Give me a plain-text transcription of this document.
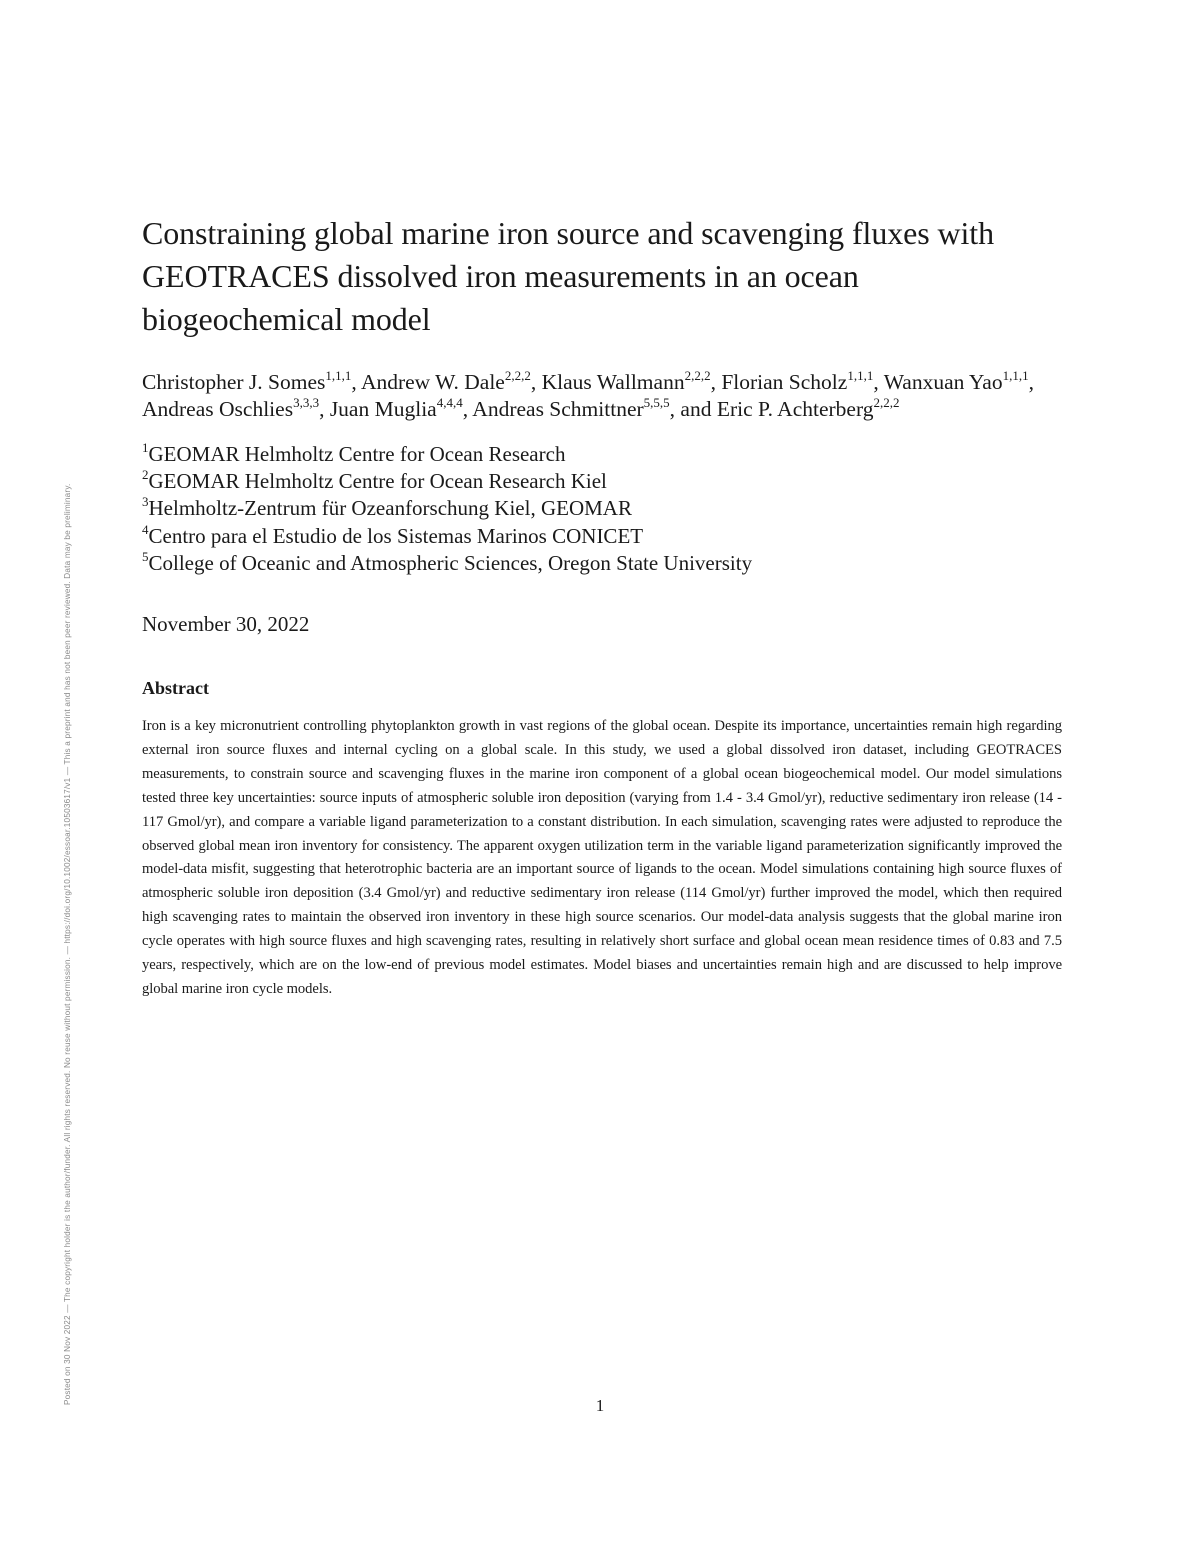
Posted on 30 Nov 2022 — The copyright holder is the author/funder. All rights reserved. No reuse without permission. — https://doi.org/10.1002/essoar.10503617/v1 — This a preprint and has not been peer reviewed. Data may be preliminary.
Constraining global marine iron source and scavenging fluxes with GEOTRACES dissolved iron measurements in an ocean biogeochemical model
Christopher J. Somes$^{1,1,1}$, Andrew W. Dale$^{2,2,2}$, Klaus Wallmann$^{2,2,2}$, Florian Scholz$^{1,1,1}$, Wanxuan Yao$^{1,1,1}$, Andreas Oschlies$^{3,3,3}$, Juan Muglia$^{4,4,4}$, Andreas Schmittner$^{5,5,5}$, and Eric P. Achterberg$^{2,2,2}$
$^1$GEOMAR Helmholtz Centre for Ocean Research
$^2$GEOMAR Helmholtz Centre for Ocean Research Kiel
$^3$Helmholtz-Zentrum für Ozeanforschung Kiel, GEOMAR
$^4$Centro para el Estudio de los Sistemas Marinos CONICET
$^5$College of Oceanic and Atmospheric Sciences, Oregon State University
November 30, 2022
Abstract

Iron is a key micronutrient controlling phytoplankton growth in vast regions of the global ocean. Despite its importance, uncertainties remain high regarding external iron source fluxes and internal cycling on a global scale. In this study, we used a global dissolved iron dataset, including GEOTRACES measurements, to constrain source and scavenging fluxes in the marine iron component of a global ocean biogeochemical model. Our model simulations tested three key uncertainties: source inputs of atmospheric soluble iron deposition (varying from 1.4 - 3.4 Gmol/yr), reductive sedimentary iron release (14 - 117 Gmol/yr), and compare a variable ligand parameterization to a constant distribution. In each simulation, scavenging rates were adjusted to reproduce the observed global mean iron inventory for consistency. The apparent oxygen utilization term in the variable ligand parameterization significantly improved the model-data misfit, suggesting that heterotrophic bacteria are an important source of ligands to the ocean. Model simulations containing high source fluxes of atmospheric soluble iron deposition (3.4 Gmol/yr) and reductive sedimentary iron release (114 Gmol/yr) further improved the model, which then required high scavenging rates to maintain the observed iron inventory in these high source scenarios. Our model-data analysis suggests that the global marine iron cycle operates with high source fluxes and high scavenging rates, resulting in relatively short surface and global ocean mean residence times of 0.83 and 7.5 years, respectively, which are on the low-end of previous model estimates. Model biases and uncertainties remain high and are discussed to help improve global marine iron cycle models.

1
